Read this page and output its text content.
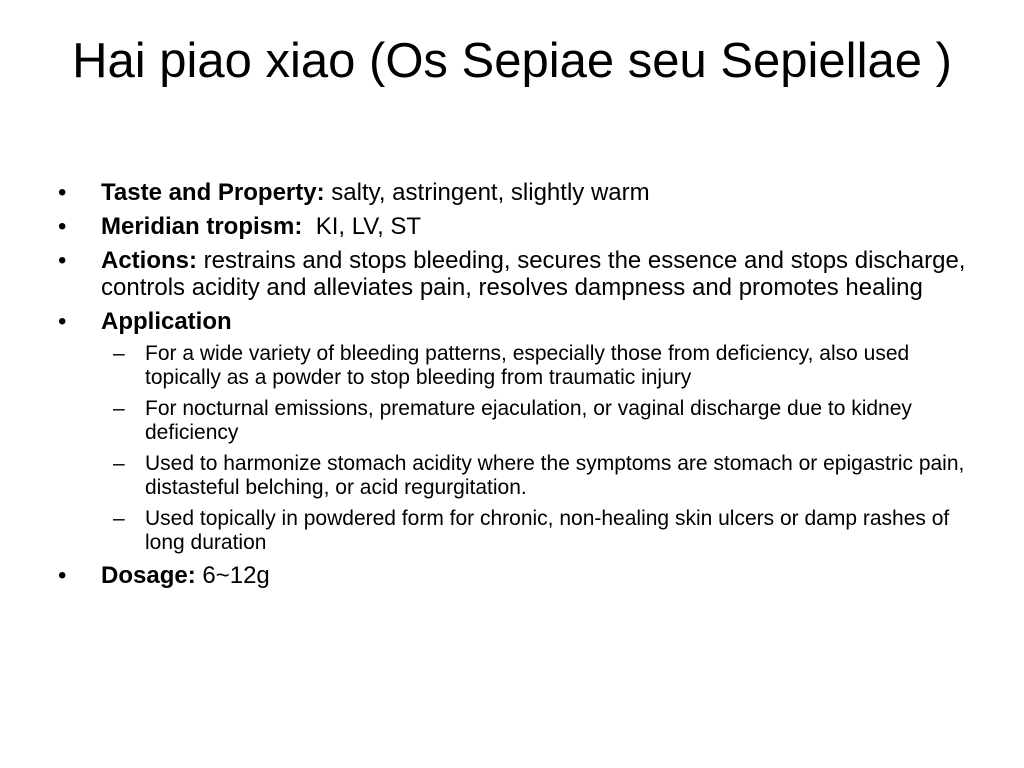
Hai piao xiao (Os Sepiae seu Sepiellae )
•	Taste and Property: salty, astringent, slightly warm
•	Meridian tropism:  KI, LV, ST
•	Actions: restrains and stops bleeding, secures the essence and stops discharge, controls acidity and alleviates pain, resolves dampness and promotes healing
•	Application
– For a wide variety of bleeding patterns, especially those from deficiency, also used topically as a powder to stop bleeding from traumatic injury
– For nocturnal emissions, premature ejaculation, or vaginal discharge due to kidney deficiency
– Used to harmonize stomach acidity where the symptoms are stomach or epigastric pain, distasteful belching, or acid regurgitation.
– Used topically in powdered form for chronic, non-healing skin ulcers or damp rashes of long duration
•	Dosage: 6~12g
